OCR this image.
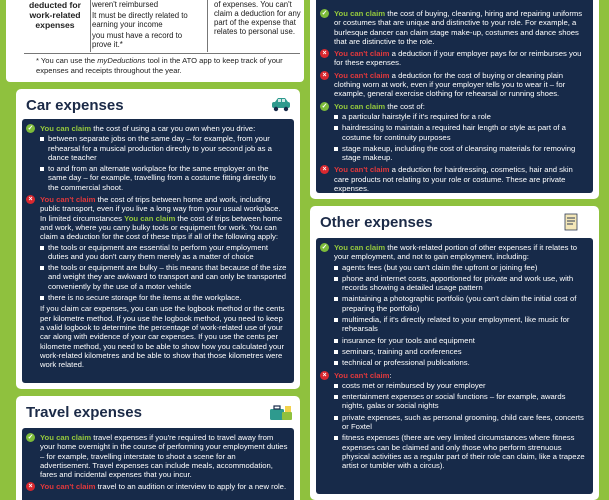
deducted for
work-related
expenses
weren't reimbursed
It must be directly related to earning your income
you must have a record to prove it.*
of expenses. You can't claim a deduction for any part of the expense that relates to personal use.
* You can use the myDeductions tool in the ATO app to keep track of your expenses and receipts throughout the year.
Car expenses
✓ You can claim the cost of using a car you own when you drive:
between separate jobs on the same day – for example, from your rehearsal for a musical production directly to your second job as a dance teacher
to and from an alternate workplace for the same employer on the same day – for example, travelling from a costume fitting directly to the commercial shoot.
× You can't claim the cost of trips between home and work, including public transport, even if you live a long way from your usual workplace. In limited circumstances You can claim the cost of trips between home and work, where you carry bulky tools or equipment for work. You can claim a deduction for the cost of these trips if all of the following apply:
the tools or equipment are essential to perform your employment duties and you don't carry them merely as a matter of choice
the tools or equipment are bulky – this means that because of the size and weight they are awkward to transport and can only be transported conveniently by the use of a motor vehicle
there is no secure storage for the items at the workplace.
If you claim car expenses, you can use the logbook method or the cents per kilometre method. If you use the logbook method, you need to keep a valid logbook to determine the percentage of work-related use of your car along with evidence of your car expenses. If you use the cents per kilometre method, you need to be able to show how you calculated your work-related kilometres and be able to show that those kilometres were work related.
Travel expenses
✓ You can claim travel expenses if you're required to travel away from your home overnight in the course of performing your employment duties – for example, travelling interstate to shoot a scene for an advertisement. Travel expenses can include meals, accommodation, fares and incidental expenses that you incur.
× You can't claim travel to an audition or interview to apply for a new role.
✓ You can claim the cost of buying, cleaning, hiring and repairing uniforms or costumes that are unique and distinctive to your role. For example, a burlesque dancer can claim stage make-up, costumes and dance shoes that are distinctive to the role.
× You can't claim a deduction if your employer pays for or reimburses you for these expenses.
× You can't claim a deduction for the cost of buying or cleaning plain clothing worn at work, even if your employer tells you to wear it – for example, general exercise clothing for rehearsal or running shoes.
✓ You can claim the cost of:
a particular hairstyle if it's required for a role
hairdressing to maintain a required hair length or style as part of a costume for continuity purposes
stage makeup, including the cost of cleansing materials for removing stage makeup.
× You can't claim a deduction for hairdressing, cosmetics, hair and skin care products not relating to your role or costume. These are private expenses.
Other expenses
✓ You can claim the work-related portion of other expenses if it relates to your employment, and not to gain employment, including:
agents fees (but you can't claim the upfront or joining fee)
phone and internet costs, apportioned for private and work use, with records showing a detailed usage pattern
maintaining a photographic portfolio (you can't claim the initial cost of preparing the portfolio)
multimedia, if it's directly related to your employment, like music for rehearsals
insurance for your tools and equipment
seminars, training and conferences
technical or professional publications.
× You can't claim:
costs met or reimbursed by your employer
entertainment expenses or social functions – for example, awards nights, galas or social nights
private expenses, such as personal grooming, child care fees, concerts or Foxtel
fitness expenses (there are very limited circumstances where fitness expenses can be claimed and only those who perform strenuous physical activities as a regular part of their role can claim, like a trapeze artist or tumbler with a circus).
